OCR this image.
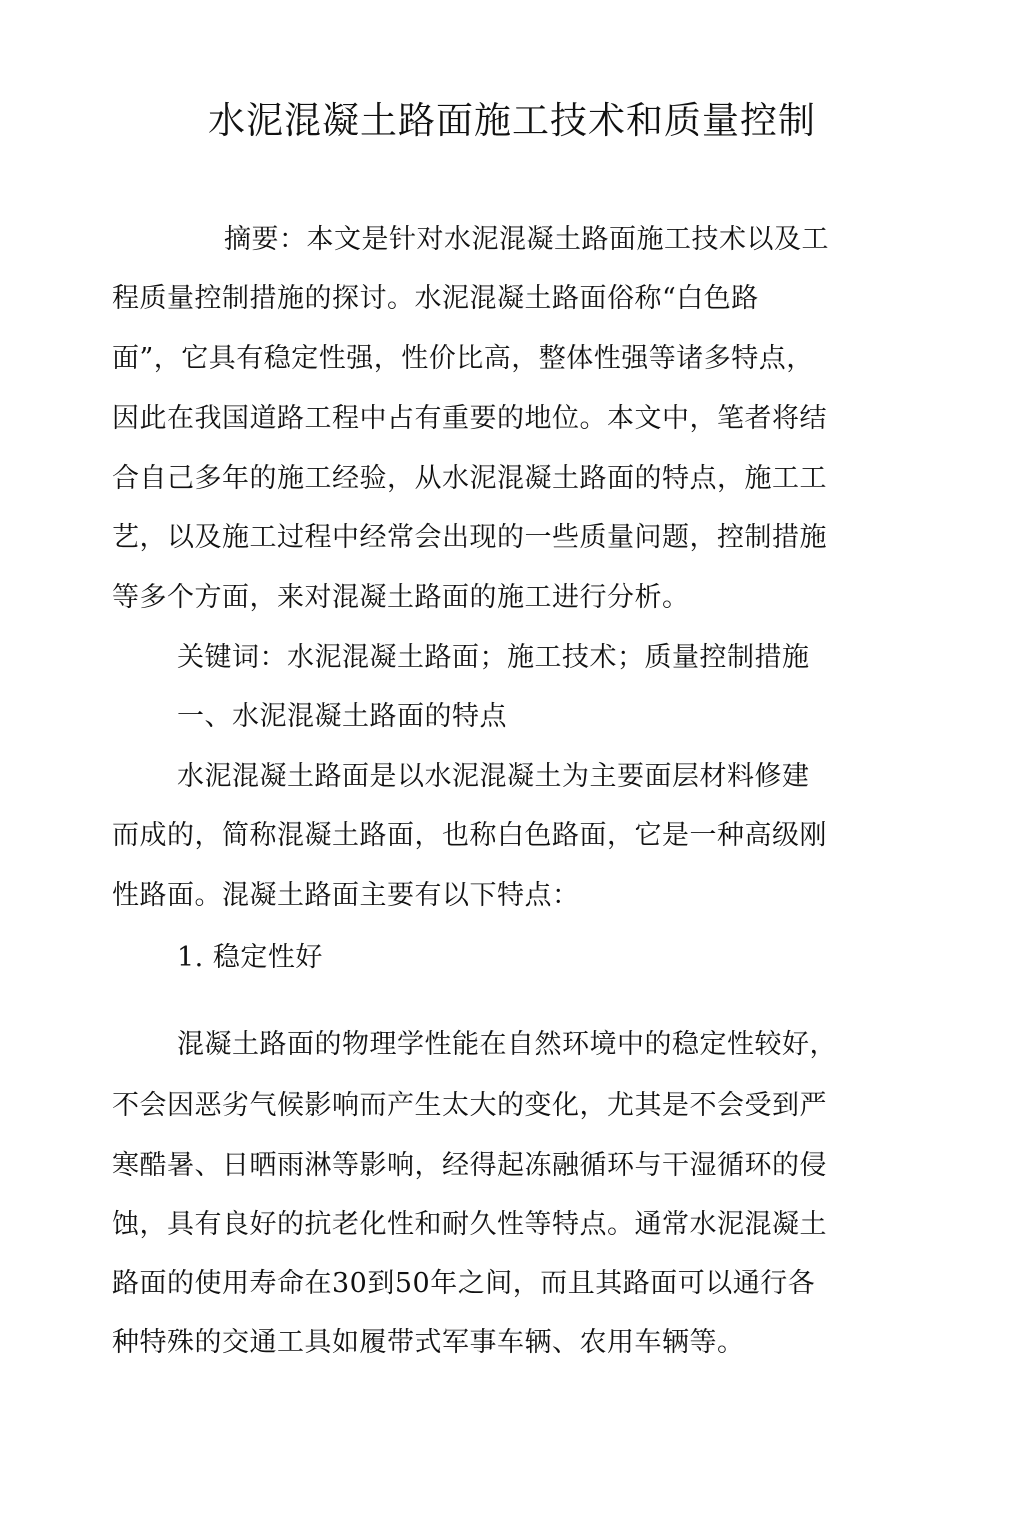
水泥混凝土路面施工技术和质量控制
摘要：本文是针对水泥混凝土路面施工技术以及工
程质量控制措施的探讨。水泥混凝土路面俗称“白色路
面”，它具有稳定性强，性价比高，整体性强等诸多特点，
因此在我国道路工程中占有重要的地位。本文中，笔者将结
合自己多年的施工经验，从水泥混凝土路面的特点，施工工
艺，以及施工过程中经常会出现的一些质量问题，控制措施
等多个方面，来对混凝土路面的施工进行分析。
关键词：水泥混凝土路面；施工技术；质量控制措施
一、水泥混凝土路面的特点
水泥混凝土路面是以水泥混凝土为主要面层材料修建
而成的，简称混凝土路面，也称白色路面，它是一种高级刚
性路面。混凝土路面主要有以下特点：
1. 稳定性好
混凝土路面的物理学性能在自然环境中的稳定性较好，
不会因恶劣气候影响而产生太大的变化，尤其是不会受到严
寒酷暑、日晒雨淋等影响，经得起冻融循环与干湿循环的侵
蚀，具有良好的抗老化性和耐久性等特点。通常水泥混凝土
路面的使用寿命在30到50年之间，而且其路面可以通行各
种特殊的交通工具如履带式军事车辆、农用车辆等。
